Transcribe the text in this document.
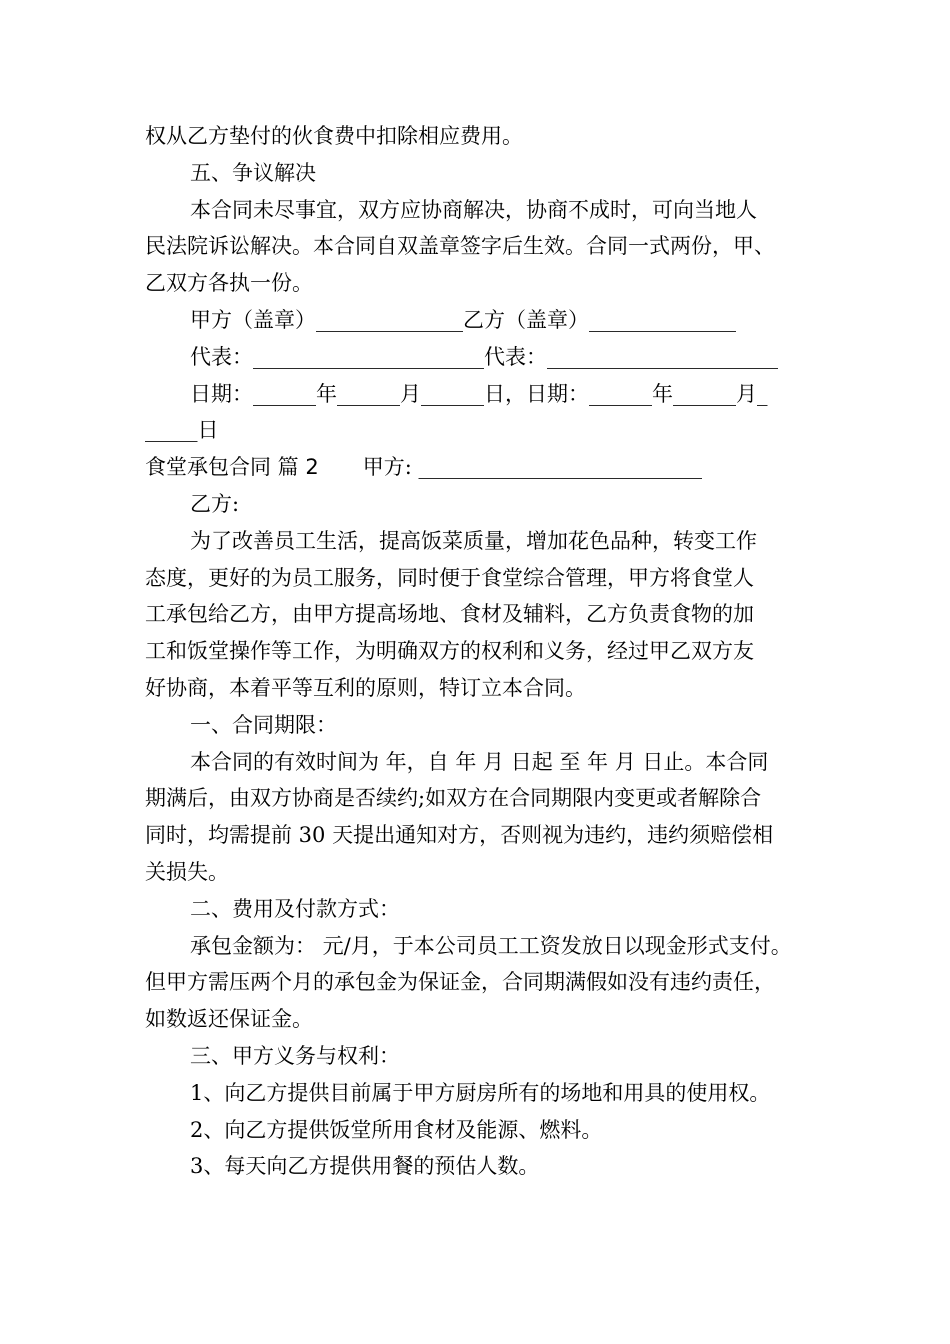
权从乙方垫付的伙食费中扣除相应费用。

五、争议解决

本合同未尽事宜，双方应协商解决，协商不成时，可向当地人

民法院诉讼解决。本合同自双盖章签字后生效。合同一式两份，甲、

乙双方各执一份。

甲方（盖章）______________乙方（盖章）______________

代表：______________________代表：______________________

日期：______年______月______日，日期：______年______月_

_____日

食堂承包合同 篇 2 甲方: ___________________________

乙方:

为了改善员工生活，提高饭菜质量，增加花色品种，转变工作

态度，更好的为员工服务，同时便于食堂综合管理，甲方将食堂人

工承包给乙方，由甲方提高场地、食材及辅料，乙方负责食物的加

工和饭堂操作等工作，为明确双方的权利和义务，经过甲乙双方友

好协商，本着平等互利的原则，特订立本合同。

一、合同期限：

本合同的有效时间为 年，自 年 月 日起 至 年 月 日止。本合同

期满后，由双方协商是否续约;如双方在合同期限内变更或者解除合

同时，均需提前 30 天提出通知对方，否则视为违约，违约须赔偿相

关损失。

二、费用及付款方式：

承包金额为： 元/月，于本公司员工工资发放日以现金形式支付。

但甲方需压两个月的承包金为保证金，合同期满假如没有违约责任，

如数返还保证金。

三、甲方义务与权利：

1、向乙方提供目前属于甲方厨房所有的场地和用具的使用权。

2、向乙方提供饭堂所用食材及能源、燃料。

3、每天向乙方提供用餐的预估人数。
